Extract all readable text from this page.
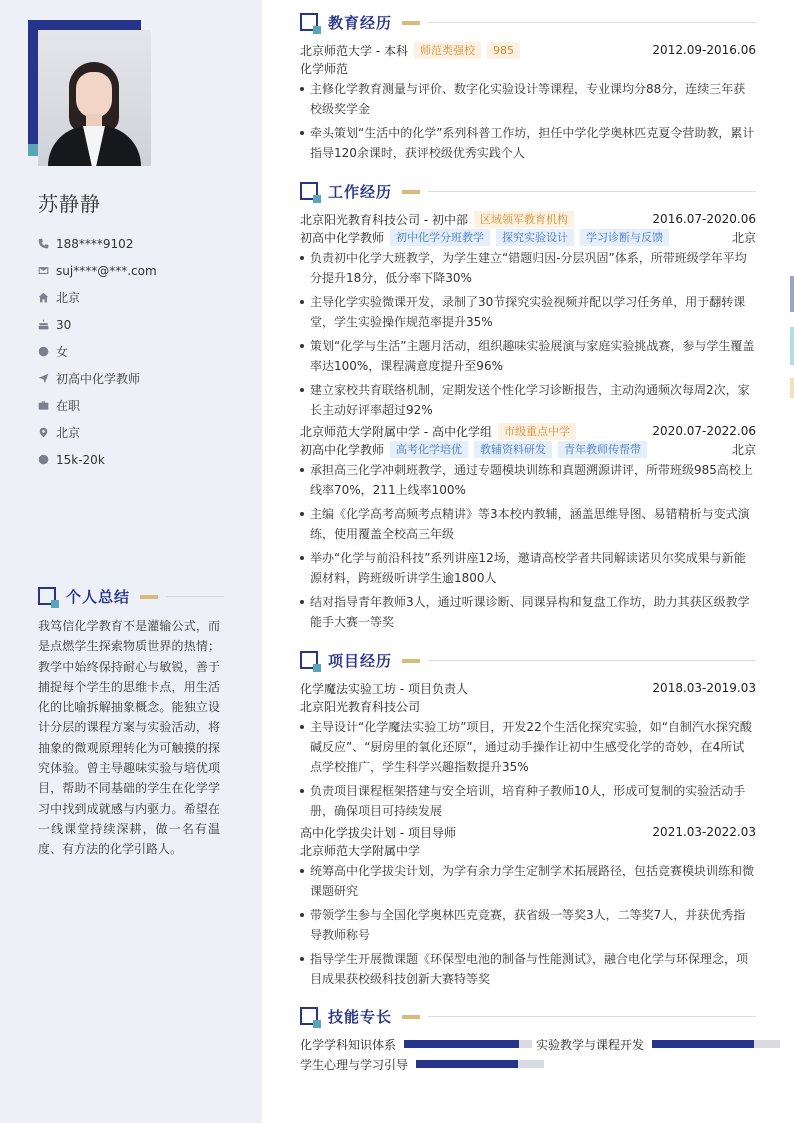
苏静静
188****9102
suj****@***.com
北京
30
女
初高中化学教师
在职
北京
15k-20k
个人总结
我笃信化学教育不是灌输公式，而是点燃学生探索物质世界的热情；教学中始终保持耐心与敏锐，善于捕捉每个学生的思维卡点，用生活化的比喻拆解抽象概念。能独立设计分层的课程方案与实验活动，将抽象的微观原理转化为可触摸的探究体验。曾主导趣味实验与培优项目，帮助不同基础的学生在化学学习中找到成就感与内驱力。希望在一线课堂持续深耕，做一名有温度、有方法的化学引路人。
教育经历
北京师范大学 - 本科	师范类强校	985	2012.09-2016.06
化学师范
主修化学教育测量与评价、数字化实验设计等课程，专业课均分88分，连续三年获校级奖学金
牵头策划“生活中的化学”系列科普工作坊，担任中学化学奥林匹克夏令营助教，累计指导120余课时，获评校级优秀实践个人
工作经历
北京阳光教育科技公司 - 初中部	区域领军教育机构	2016.07-2020.06
初高中化学教师	初中化学分班教学	探究实验设计	学习诊断与反馈	北京
负责初中化学大班教学，为学生建立“错题归因-分层巩固”体系，所带班级学年平均分提升18分，低分率下降30%
主导化学实验微课开发，录制了30节探究实验视频并配以学习任务单，用于翻转课堂，学生实验操作规范率提升35%
策划“化学与生活”主题月活动，组织趣味实验展演与家庭实验挑战赛，参与学生覆盖率达100%，课程满意度提升至96%
建立家校共育联络机制，定期发送个性化学习诊断报告，主动沟通频次每周2次，家长主动好评率超过92%
北京师范大学附属中学 - 高中化学组	市级重点中学	2020.07-2022.06
初高中化学教师	高考化学培优	教辅资料研发	青年教师传帮带	北京
承担高三化学冲刺班教学，通过专题模块训练和真题溯源讲评，所带班级985高校上线率70%，211上线率100%
主编《化学高考高频考点精讲》等3本校内教辅，涵盖思维导图、易错精析与变式演练，使用覆盖全校高三年级
举办“化学与前沿科技”系列讲座12场，邀请高校学者共同解读诺贝尔奖成果与新能源材料，跨班级听讲学生逾1800人
结对指导青年教师3人，通过听课诊断、同课异构和复盘工作坊，助力其获区级教学能手大赛一等奖
项目经历
化学魔法实验工坊 - 项目负责人	2018.03-2019.03
北京阳光教育科技公司
主导设计“化学魔法实验工坊”项目，开发22个生活化探究实验，如“自制汽水探究酸碱反应”、“厨房里的氧化还原”，通过动手操作让初中生感受化学的奇妙，在4所试点学校推广，学生科学兴趣指数提升35%
负责项目课程框架搭建与安全培训，培育种子教师10人，形成可复制的实验活动手册，确保项目可持续发展
高中化学拔尖计划 - 项目导师	2021.03-2022.03
北京师范大学附属中学
统筹高中化学拔尖计划，为学有余力学生定制学术拓展路径，包括竞赛模块训练和微课题研究
带领学生参与全国化学奥林匹克竞赛，获省级一等奖3人，二等奖7人，并获优秀指导教师称号
指导学生开展微课题《环保型电池的制备与性能测试》，融合电化学与环保理念，项目成果获校级科技创新大赛特等奖
技能专长
化学学科知识体系	实验教学与课程开发
学生心理与学习引导
